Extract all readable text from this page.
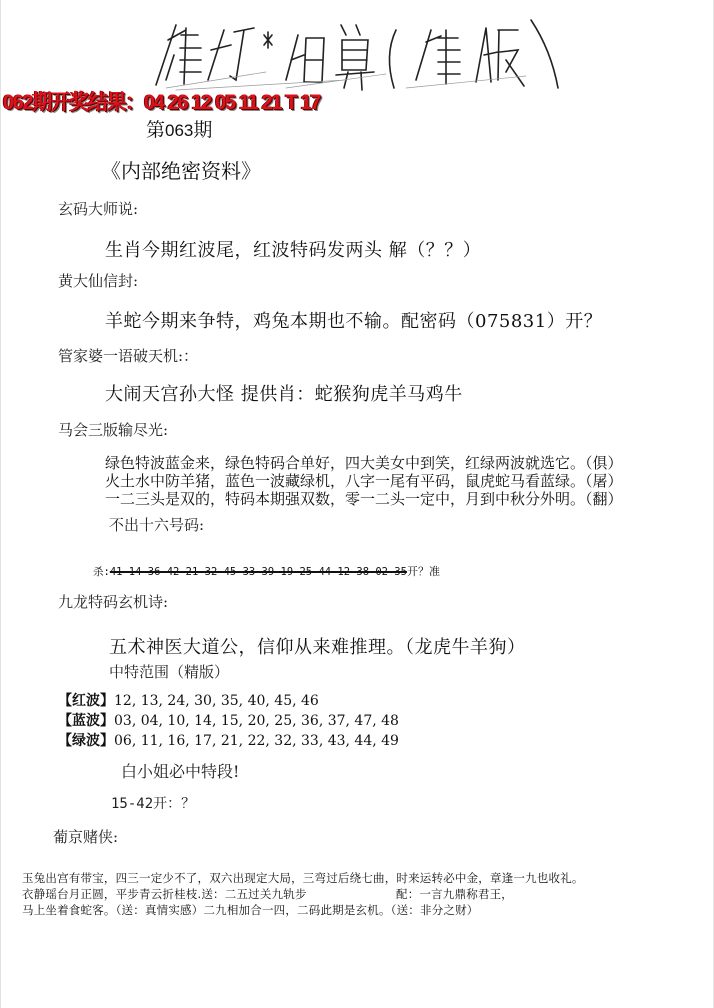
062期开奖结果：04 26 12 05 11 21 T 17
第063期
《内部绝密资料》
玄码大师说:
生肖今期红波尾，红波特码发两头 解（？？）
黄大仙信封:
羊蛇今期来争特，鸡兔本期也不输。配密码（075831）开？
管家婆一语破天机:：
大闹天宫孙大怪 提供肖：蛇猴狗虎羊马鸡牛
马会三版输尽光:
绿色特波蓝金来，绿色特码合单好，四大美女中到笑，红绿两波就选它。（俱）
火土水中防羊猪，蓝色一波藏绿机，八字一尾有平码，鼠虎蛇马看蓝绿。（屠）
一二三头是双的，特码本期强双数，零一二头一定中，月到中秋分外明。（翻）
不出十六号码:
杀:41 14 36 42 21 32 45 33 39 19 25 44 12 38 02 35开？准
九龙特码玄机诗:
五术神医大道公，信仰从来难推理。（龙虎牛羊狗）
中特范围（精版）
【红波】12, 13, 24, 30, 35, 40, 45, 46
【蓝波】03, 04, 10, 14, 15, 20, 25, 36, 37, 47, 48
【绿波】06, 11, 16, 17, 21, 22, 32, 33, 43, 44, 49
白小姐必中特段!
15-42开：？
葡京赌侠:
玉兔出宫有带宝，四三一定少不了，双六出现定大局，三弯过后绕七曲，时来运转必中金，章逢一九也收礼。
衣静瑶台月正圆，平步青云折桂枝.送：二五过关九轨步	配：一言九鼎称君王，
马上坐着食蛇客。（送：真情实感）二九相加合一四，二码此期是玄机。（送：非分之财）
